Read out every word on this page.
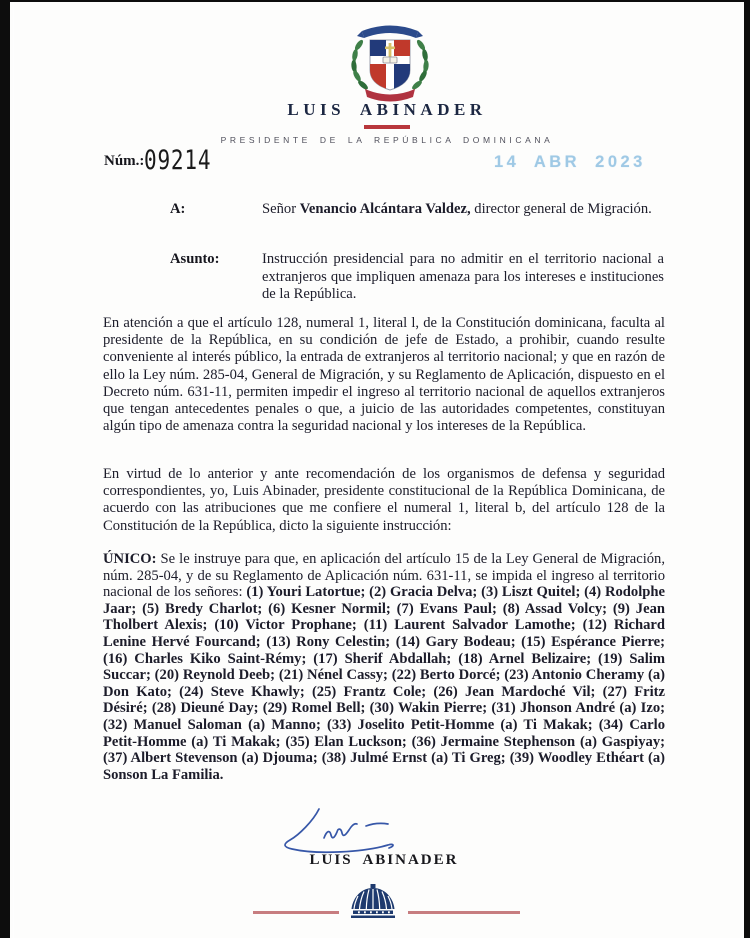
LUIS ABINADER
PRESIDENTE DE LA REPÚBLICA DOMINICANA
Núm.: 09214	14 ABR 2023
A:	Señor Venancio Alcántara Valdez, director general de Migración.
Asunto:	Instrucción presidencial para no admitir en el territorio nacional a extranjeros que impliquen amenaza para los intereses e instituciones de la República.
En atención a que el artículo 128, numeral 1, literal l, de la Constitución dominicana, faculta al presidente de la República, en su condición de jefe de Estado, a prohibir, cuando resulte conveniente al interés público, la entrada de extranjeros al territorio nacional; y que en razón de ello la Ley núm. 285-04, General de Migración, y su Reglamento de Aplicación, dispuesto en el Decreto núm. 631-11, permiten impedir el ingreso al territorio nacional de aquellos extranjeros que tengan antecedentes penales o que, a juicio de las autoridades competentes, constituyan algún tipo de amenaza contra la seguridad nacional y los intereses de la República.
En virtud de lo anterior y ante recomendación de los organismos de defensa y seguridad correspondientes, yo, Luis Abinader, presidente constitucional de la República Dominicana, de acuerdo con las atribuciones que me confiere el numeral 1, literal b, del artículo 128 de la Constitución de la República, dicto la siguiente instrucción:
ÚNICO: Se le instruye para que, en aplicación del artículo 15 de la Ley General de Migración, núm. 285-04, y de su Reglamento de Aplicación núm. 631-11, se impida el ingreso al territorio nacional de los señores: (1) Youri Latortue; (2) Gracia Delva; (3) Liszt Quitel; (4) Rodolphe Jaar; (5) Bredy Charlot; (6) Kesner Normil; (7) Evans Paul; (8) Assad Volcy; (9) Jean Tholbert Alexis; (10) Victor Prophane; (11) Laurent Salvador Lamothe; (12) Richard Lenine Hervé Fourcand; (13) Rony Celestin; (14) Gary Bodeau; (15) Espérance Pierre; (16) Charles Kiko Saint-Rémy; (17) Sherif Abdallah; (18) Arnel Belizaire; (19) Salim Succar; (20) Reynold Deeb; (21) Nénel Cassy; (22) Berto Dorcé; (23) Antonio Cheramy (a) Don Kato; (24) Steve Khawly; (25) Frantz Cole; (26) Jean Mardoché Vil; (27) Fritz Désiré; (28) Dieuné Day; (29) Romel Bell; (30) Wakin Pierre; (31) Jhonson André (a) Izo; (32) Manuel Saloman (a) Manno; (33) Joselito Petit-Homme (a) Ti Makak; (34) Carlo Petit-Homme (a) Ti Makak; (35) Elan Luckson; (36) Jermaine Stephenson (a) Gaspiyay; (37) Albert Stevenson (a) Djouma; (38) Julmé Ernst (a) Ti Greg; (39) Woodley Ethéart (a) Sonson La Familia.
LUIS ABINADER
